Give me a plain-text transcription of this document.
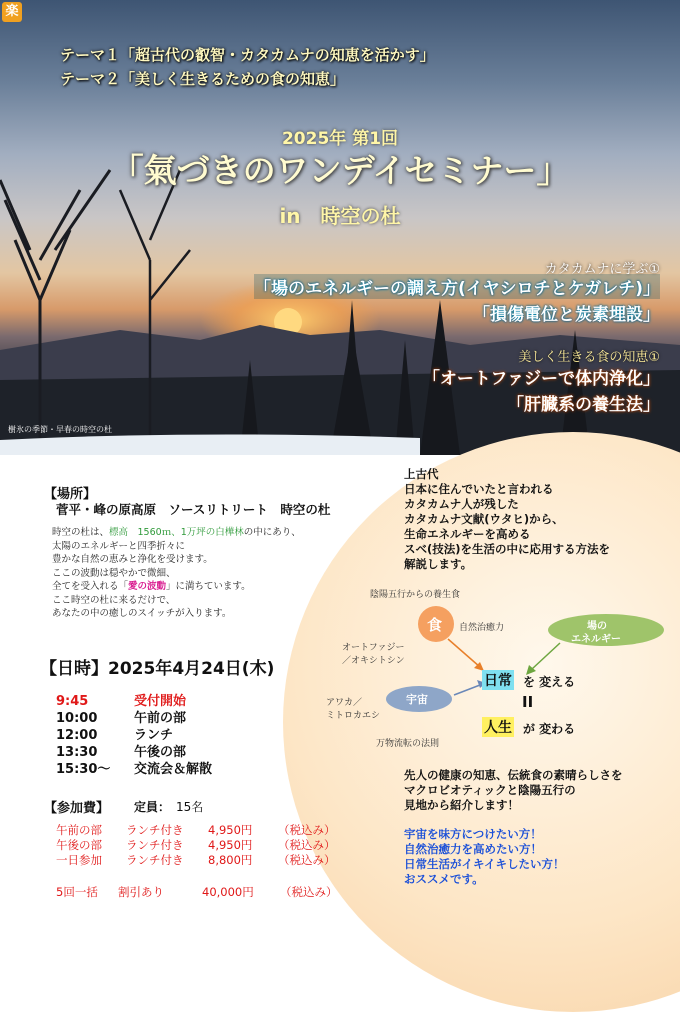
楽
テーマ１「超古代の叡智・カタカムナの知恵を活かす」
テーマ２「美しく生きるための食の知恵」
2025年 第1回
「氣づきのワンデイセミナー」
in　時空の杜
カタカムナに学ぶ①
「場のエネルギーの調え方(イヤシロチとケガレチ)」
「損傷電位と炭素埋設」
樹氷の季節・早春の時空の杜
美しく生きる食の知恵①
「オートファジーで体内浄化」
「肝臓系の養生法」
【場所】
菅平・峰の原高原　ソースリトリート　時空の杜
時空の杜は、標高　1560ｍ、1万坪の白樺林の中にあり、
太陽のエネルギーと四季折々に
豊かな自然の恵みと浄化を受けます。
ここの波動は穏やかで微細、
全てを受入れる「愛の波動」に満ちています。
ここ時空の杜に来るだけで、
あなたの中の癒しのスイッチが入ります。
【日時】2025年4月24日(木)
9:45	受付開始
10:00	午前の部
12:00	ランチ
13:30	午後の部
15:30～ 交流会＆解散
【参加費】 定員： 15名
午前の部 ランチ付き 4,950円 （税込み）
午後の部 ランチ付き 4,950円 （税込み）
一日参加 ランチ付き 8,800円 （税込み）
5回一括 割引あり	40,000円 （税込み）
上古代
日本に住んでいたと言われる
カタカムナ人が残した
カタカムナ文献(ウタヒ)から、
生命エネルギーを高める
スベ(技法)を生活の中に応用する方法を
解説します。
陰陽五行からの養生食
食 自然治癒力	場の
エネルギー
オートファジー
／オキシトシン
宇宙
アワカ／
ミトロカエシ
日常 を 変える
II
人生 が 変わる
万物流転の法則
先人の健康の知恵、伝統食の素晴らしさを
マクロビオティックと陰陽五行の
見地から紹介します！
宇宙を味方につけたい方！
自然治癒力を高めたい方！
日常生活がイキイキしたい方！
おススメです。
